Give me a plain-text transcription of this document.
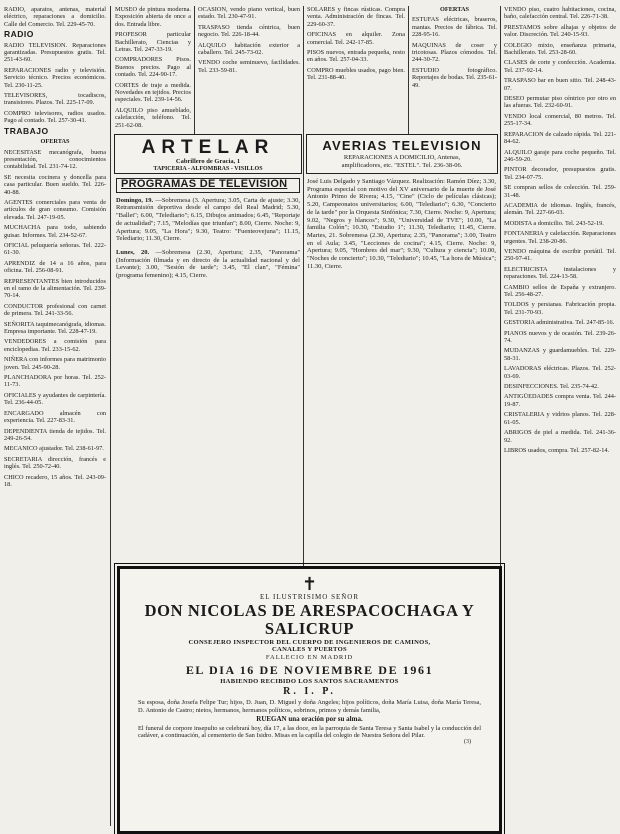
RADIO, aparatos, antenas, material eléctrico, reparaciones a domicilio. Calle del Comercio. Tel. 229-45-70.

RADIO

RADIO TELEVISION. Reparaciones garantizadas. Presupuestos gratis. Tel. 251-43-60.

REPARACIONES radio y televisión. Servicio técnico. Precios económicos. Tel. 230-11-25.

TELEVISORES, tocadiscos, transistores. Plazos. Tel. 225-17-09.

COMPRO televisores, radios usados. Pago al contado. Tel. 257-30-41.

TRABAJO

OFERTAS

NECESITASE mecanógrafa, buena presentación, conocimientos contabilidad. Tel. 231-74-12.

SE necesita cocinera y doncella para casa particular. Buen sueldo. Tel. 226-40-88.

AGENTES comerciales para venta de artículos de gran consumo. Comisión elevada. Tel. 247-19-05.

MUCHACHA para todo, sabiendo guisar. Informes. Tel. 234-52-67.

OFICIAL peluquería señoras. Tel. 222-61-30.

APRENDIZ de 14 a 16 años, para oficina. Tel. 256-08-91.

REPRESENTANTES bien introducidos en el ramo de la alimentación. Tel. 239-70-14.

CONDUCTOR profesional con carnet de primera. Tel. 241-33-56.

SEÑORITA taquimecanógrafa, idiomas. Empresa importante. Tel. 228-47-19.

VENDEDORES a comisión para enciclopedias. Tel. 233-15-62.

NIÑERA con informes para matrimonio joven. Tel. 245-90-28.

PLANCHADORA por horas. Tel. 252-11-73.

OFICIALES y ayudantes de carpintería. Tel. 236-44-05.

ENCARGADO almacén con experiencia. Tel. 227-83-31.

DEPENDIENTA tienda de tejidos. Tel. 249-26-54.

MECANICO ajustador. Tel. 238-61-97.

SECRETARIA dirección, francés e inglés. Tel. 250-72-40.

CHICO recadero, 15 años. Tel. 243-09-18.

MUSEO de pintura moderna. Exposición abierta de once a dos. Entrada libre.

PROFESOR particular Bachillerato, Ciencias y Letras. Tel. 247-33-19.

COMPRADORES Pisos. Buenos precios. Pago al contado. Tel. 224-90-17.

CORTES de traje a medida. Novedades en tejidos. Precios especiales. Tel. 239-14-56.

ALQUILO piso amueblado, calefacción, teléfono. Tel. 251-62-08.

OCASION, vendo piano vertical, buen estado. Tel. 230-47-91.

TRASPASO tienda céntrica, buen negocio. Tel. 226-18-44.

ALQUILO habitación exterior a caballero. Tel. 245-73-02.

VENDO coche seminuevo, facilidades. Tel. 233-59-81.

SOLARES y fincas rústicas. Compra venta. Administración de fincas. Tel. 229-60-37.

OFICINAS en alquiler. Zona comercial. Tel. 242-17-85.

PISOS nuevos, entrada pequeña, resto en años. Tel. 257-04-33.

COMPRO muebles usados, pago bien. Tel. 231-88-40.

OFERTAS

ESTUFAS eléctricas, braseros, mantas. Precios de fábrica. Tel. 228-95-16.

MAQUINAS de coser y tricotosas. Plazos cómodos. Tel. 244-30-72.

ESTUDIO fotográfico. Reportajes de bodas. Tel. 235-61-49.

VENDO piso, cuatro habitaciones, cocina, baño, calefacción central. Tel. 226-71-38.

PRESTAMOS sobre alhajas y objetos de valor. Discreción. Tel. 240-15-93.

COLEGIO mixto, enseñanza primaria, Bachillerato. Tel. 253-28-60.

CLASES de corte y confección. Academia. Tel. 237-92-14.

TRASPASO bar en buen sitio. Tel. 248-43-07.

DESEO permutar piso céntrico por otro en las afueras. Tel. 232-60-91.

VENDO local comercial, 80 metros. Tel. 255-17-34.

REPARACION de calzado rápida. Tel. 221-84-62.

ALQUILO garaje para coche pequeño. Tel. 246-59-20.

PINTOR decorador, presupuestos gratis. Tel. 234-07-75.

SE compran sellos de colección. Tel. 259-31-48.

ACADEMIA de idiomas. Inglés, francés, alemán. Tel. 227-66-03.

MODISTA a domicilio. Tel. 243-52-19.

FONTANERIA y calefacción. Reparaciones urgentes. Tel. 238-20-86.

VENDO máquina de escribir portátil. Tel. 250-97-41.

ELECTRICISTA instalaciones y reparaciones. Tel. 224-13-58.

CAMBIO sellos de España y extranjero. Tel. 256-48-27.

TOLDOS y persianas. Fabricación propia. Tel. 231-70-93.

GESTORIA administrativa. Tel. 247-85-16.

PIANOS nuevos y de ocasión. Tel. 239-26-74.

MUDANZAS y guardamuebles. Tel. 229-58-31.

LAVADORAS eléctricas. Plazos. Tel. 252-03-69.

DESINFECCIONES. Tel. 235-74-42.

ANTIGÜEDADES compra venta. Tel. 244-19-87.

CRISTALERIA y vidrios planos. Tel. 228-61-05.

ABRIGOS de piel a medida. Tel. 241-36-92.

LIBROS usados, compra. Tel. 257-82-14.

ARTELAR
Cabrillero de Gracia, 1
TAPICERIA - ALFOMBRAS - VISILLOS
AVERIAS TELEVISION
REPARACIONES A DOMICILIO, Antenas,
amplificadores, etc. "ESTEL". Tel. 236-38-06.
PROGRAMAS DE TELEVISION

Domingo, 19. —Sobremesa (3. Apertura; 3.05, Carta de ajuste; 3.30, Retransmisión deportiva desde el campo del Real Madrid; 5.30, "Ballet"; 6.00, "Telediario"; 6.15, Dibujos animados; 6.45, "Reportaje de actualidad"; 7.15, "Melodías que triunfan"; 8.00, Cierre. Noche: 9, Apertura; 9.05, "La Hora"; 9.30, Teatro: "Fuenteovejuna"; 11.15, Telediario; 11.30, Cierre.

Lunes, 20. —Sobremesa (2.30, Apertura; 2.35, "Panorama" (Información filmada y en directo de la actualidad nacional y del Levante); 3.00, "Sesión de tarde"; 3.45, "El clan", "Fémina" (programa femenino); 4.15, Cierre.

José Luis Delgado y Santiago Vázquez. Realización: Ramón Díez; 3.30, Programa especial con motivo del XV aniversario de la muerte de José Antonio Primo de Rivera; 4.15, "Cine" (Ciclo de películas clásicas); 5.20, Campeonatos universitarios; 6.00, "Telediario"; 6.30, "Concierto de la tarde" por la Orquesta Sinfónica; 7.30, Cierre. Noche: 9, Apertura; 9.02, "Negros y blancos"; 9.30, "Universidad de TVE"; 10.00, "La familia Colón"; 10.30, "Estudio 1"; 11.30, Telediario; 11.45, Cierre. Martes, 21. Sobremesa (2.30, Apertura; 2.35, "Panorama"; 3.00, Teatro en el Aula; 3.45, "Lecciones de cocina"; 4.15, Cierre. Noche: 9, Apertura; 9.05, "Hombres del mar"; 9.30, "Cultura y ciencia"; 10.00, "Noches de concierto"; 10.30, "Telediario"; 10.45, "La hora de Música"; 11.30, Cierre.

✝
EL ILUSTRISIMO SEÑOR
DON NICOLAS DE ARESPACOCHAGA Y SALICRUP
CONSEJERO INSPECTOR DEL CUERPO DE INGENIEROS DE CAMINOS,
CANALES Y PUERTOS
FALLECIO EN MADRID
EL DIA 16 DE NOVIEMBRE DE 1961
HABIENDO RECIBIDO LOS SANTOS SACRAMENTOS
R. I. P.
Su esposa, doña Josefa Felipe Tur; hijos, D. Juan, D. Miguel y doña Angeles; hijos políticos, doña María Luisa, doña María Teresa, D. Antonio de Castro; nietos, hermanos, hermanos políticos, sobrinos, primos y demás familia,
RUEGAN una oración por su alma.
El funeral de corpore insepulto se celebrará hoy, día 17, a las doce, en la parroquia de Santa Teresa y Santa Isabel y la conducción del cadáver, a continuación, al cementerio de San Isidro. Misas en la capilla del colegio de Nuestra Señora del Pilar.
(3)
